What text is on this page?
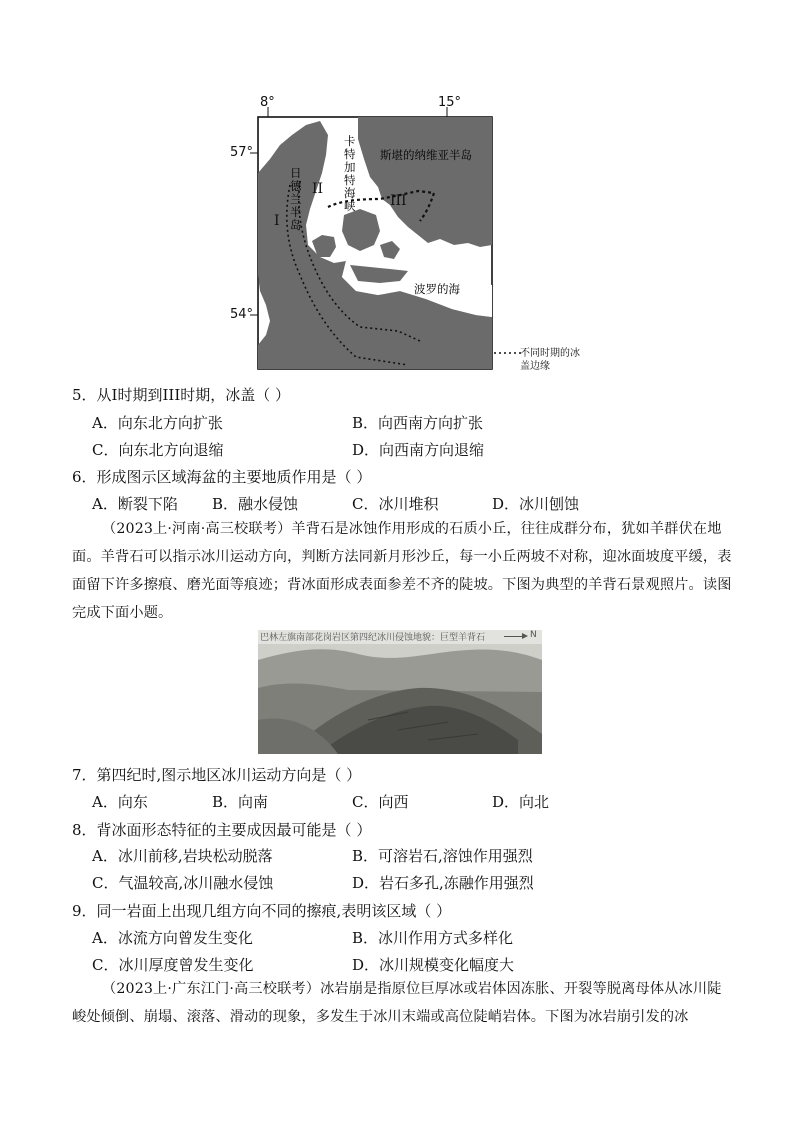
8°	15°
57°
54°
斯堪的纳维亚半岛
卡特加特海峡
日德兰半岛
波罗的海
I
II
III
不同时期的冰盖边缘
5．从I时期到III时期，冰盖（ ）
A．向东北方向扩张	B．向西南方向扩张
C．向东北方向退缩	D．向西南方向退缩
6．形成图示区域海盆的主要地质作用是（ ）
A．断裂下陷 B．融水侵蚀	C．冰川堆积	D．冰川刨蚀
（2023上·河南·高三校联考）羊背石是冰蚀作用形成的石质小丘，往往成群分布，犹如羊群伏在地面。羊背石可以指示冰川运动方向，判断方法同新月形沙丘，每一小丘两坡不对称，迎冰面坡度平缓，表面留下许多擦痕、磨光面等痕迹；背冰面形成表面参差不齐的陡坡。下图为典型的羊背石景观照片。读图完成下面小题。
巴林左旗南部花岗岩区第四纪冰川侵蚀地貌：巨型羊背石	N
7．第四纪时,图示地区冰川运动方向是（ ）
A．向东	B．向南	C．向西	D．向北
8．背冰面形态特征的主要成因最可能是（ ）
A．冰川前移,岩块松动脱落	B．可溶岩石,溶蚀作用强烈
C．气温较高,冰川融水侵蚀	D．岩石多孔,冻融作用强烈
9．同一岩面上出现几组方向不同的擦痕,表明该区域（ ）
A．冰流方向曾发生变化	B．冰川作用方式多样化
C．冰川厚度曾发生变化	D．冰川规模变化幅度大
（2023上·广东江门·高三校联考）冰岩崩是指原位巨厚冰或岩体因冻胀、开裂等脱离母体从冰川陡峻处倾倒、崩塌、滚落、滑动的现象，多发生于冰川末端或高位陡峭岩体。下图为冰岩崩引发的冰
